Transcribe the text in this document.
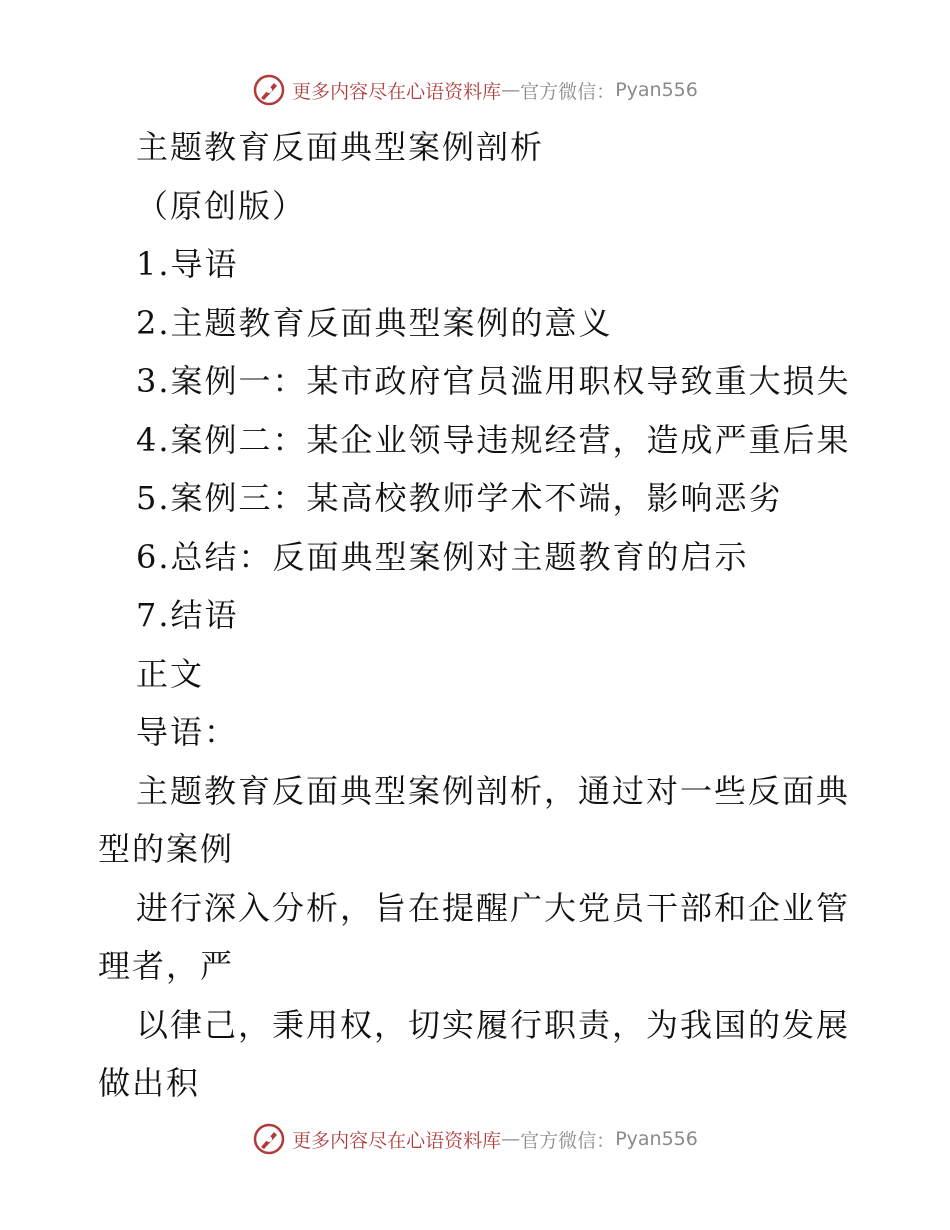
更多内容尽在心语资料库 — 官方微信： Pyan556

主题教育反面典型案例剖析

（原创版）

1.导语

2.主题教育反面典型案例的意义

3.案例一：某市政府官员滥用职权导致重大损失

4.案例二：某企业领导违规经营，造成严重后果

5.案例三：某高校教师学术不端，影响恶劣

6.总结：反面典型案例对主题教育的启示

7.结语

正文

导语：

主题教育反面典型案例剖析，通过对一些反面典

型的案例

进行深入分析，旨在提醒广大党员干部和企业管

理者，严

以律己，秉用权，切实履行职责，为我国的发展

做出积

更多内容尽在心语资料库 — 官方微信： Pyan556
